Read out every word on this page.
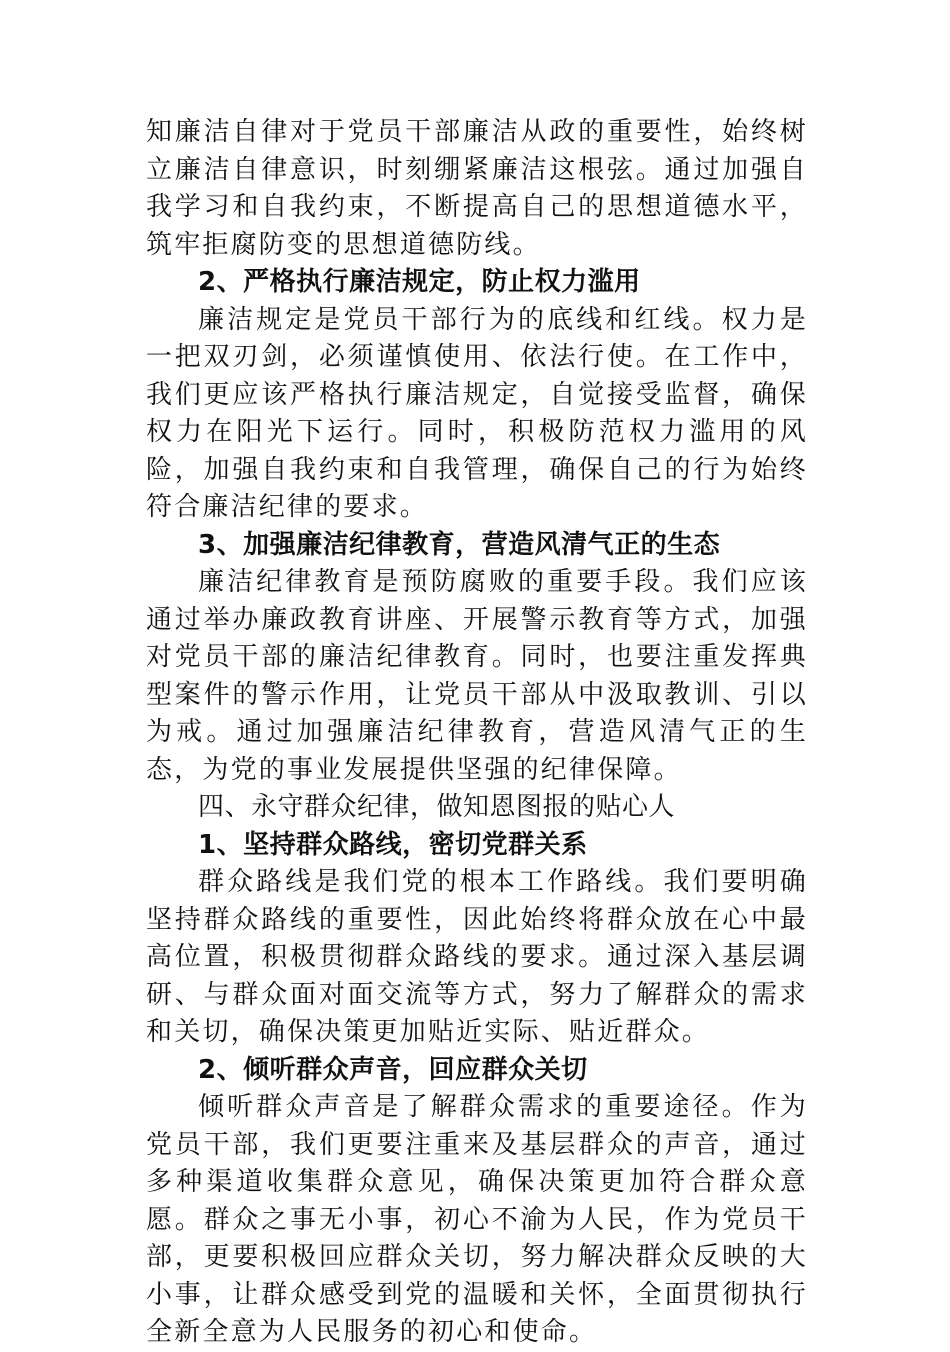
知廉洁自律对于党员干部廉洁从政的重要性，始终树立廉洁自律意识，时刻绷紧廉洁这根弦。通过加强自我学习和自我约束，不断提高自己的思想道德水平，筑牢拒腐防变的思想道德防线。

2、严格执行廉洁规定，防止权力滥用

廉洁规定是党员干部行为的底线和红线。权力是一把双刃剑，必须谨慎使用、依法行使。在工作中，我们更应该严格执行廉洁规定，自觉接受监督，确保权力在阳光下运行。同时，积极防范权力滥用的风险，加强自我约束和自我管理，确保自己的行为始终符合廉洁纪律的要求。

3、加强廉洁纪律教育，营造风清气正的生态

廉洁纪律教育是预防腐败的重要手段。我们应该通过举办廉政教育讲座、开展警示教育等方式，加强对党员干部的廉洁纪律教育。同时，也要注重发挥典型案件的警示作用，让党员干部从中汲取教训、引以为戒。通过加强廉洁纪律教育，营造风清气正的生态，为党的事业发展提供坚强的纪律保障。

四、永守群众纪律，做知恩图报的贴心人

1、坚持群众路线，密切党群关系

群众路线是我们党的根本工作路线。我们要明确坚持群众路线的重要性，因此始终将群众放在心中最高位置，积极贯彻群众路线的要求。通过深入基层调研、与群众面对面交流等方式，努力了解群众的需求和关切，确保决策更加贴近实际、贴近群众。

2、倾听群众声音，回应群众关切

倾听群众声音是了解群众需求的重要途径。作为党员干部，我们更要注重来及基层群众的声音，通过多种渠道收集群众意见，确保决策更加符合群众意愿。群众之事无小事，初心不渝为人民，作为党员干部，更要积极回应群众关切，努力解决群众反映的大小事，让群众感受到党的温暖和关怀，全面贯彻执行全新全意为人民服务的初心和使命。
